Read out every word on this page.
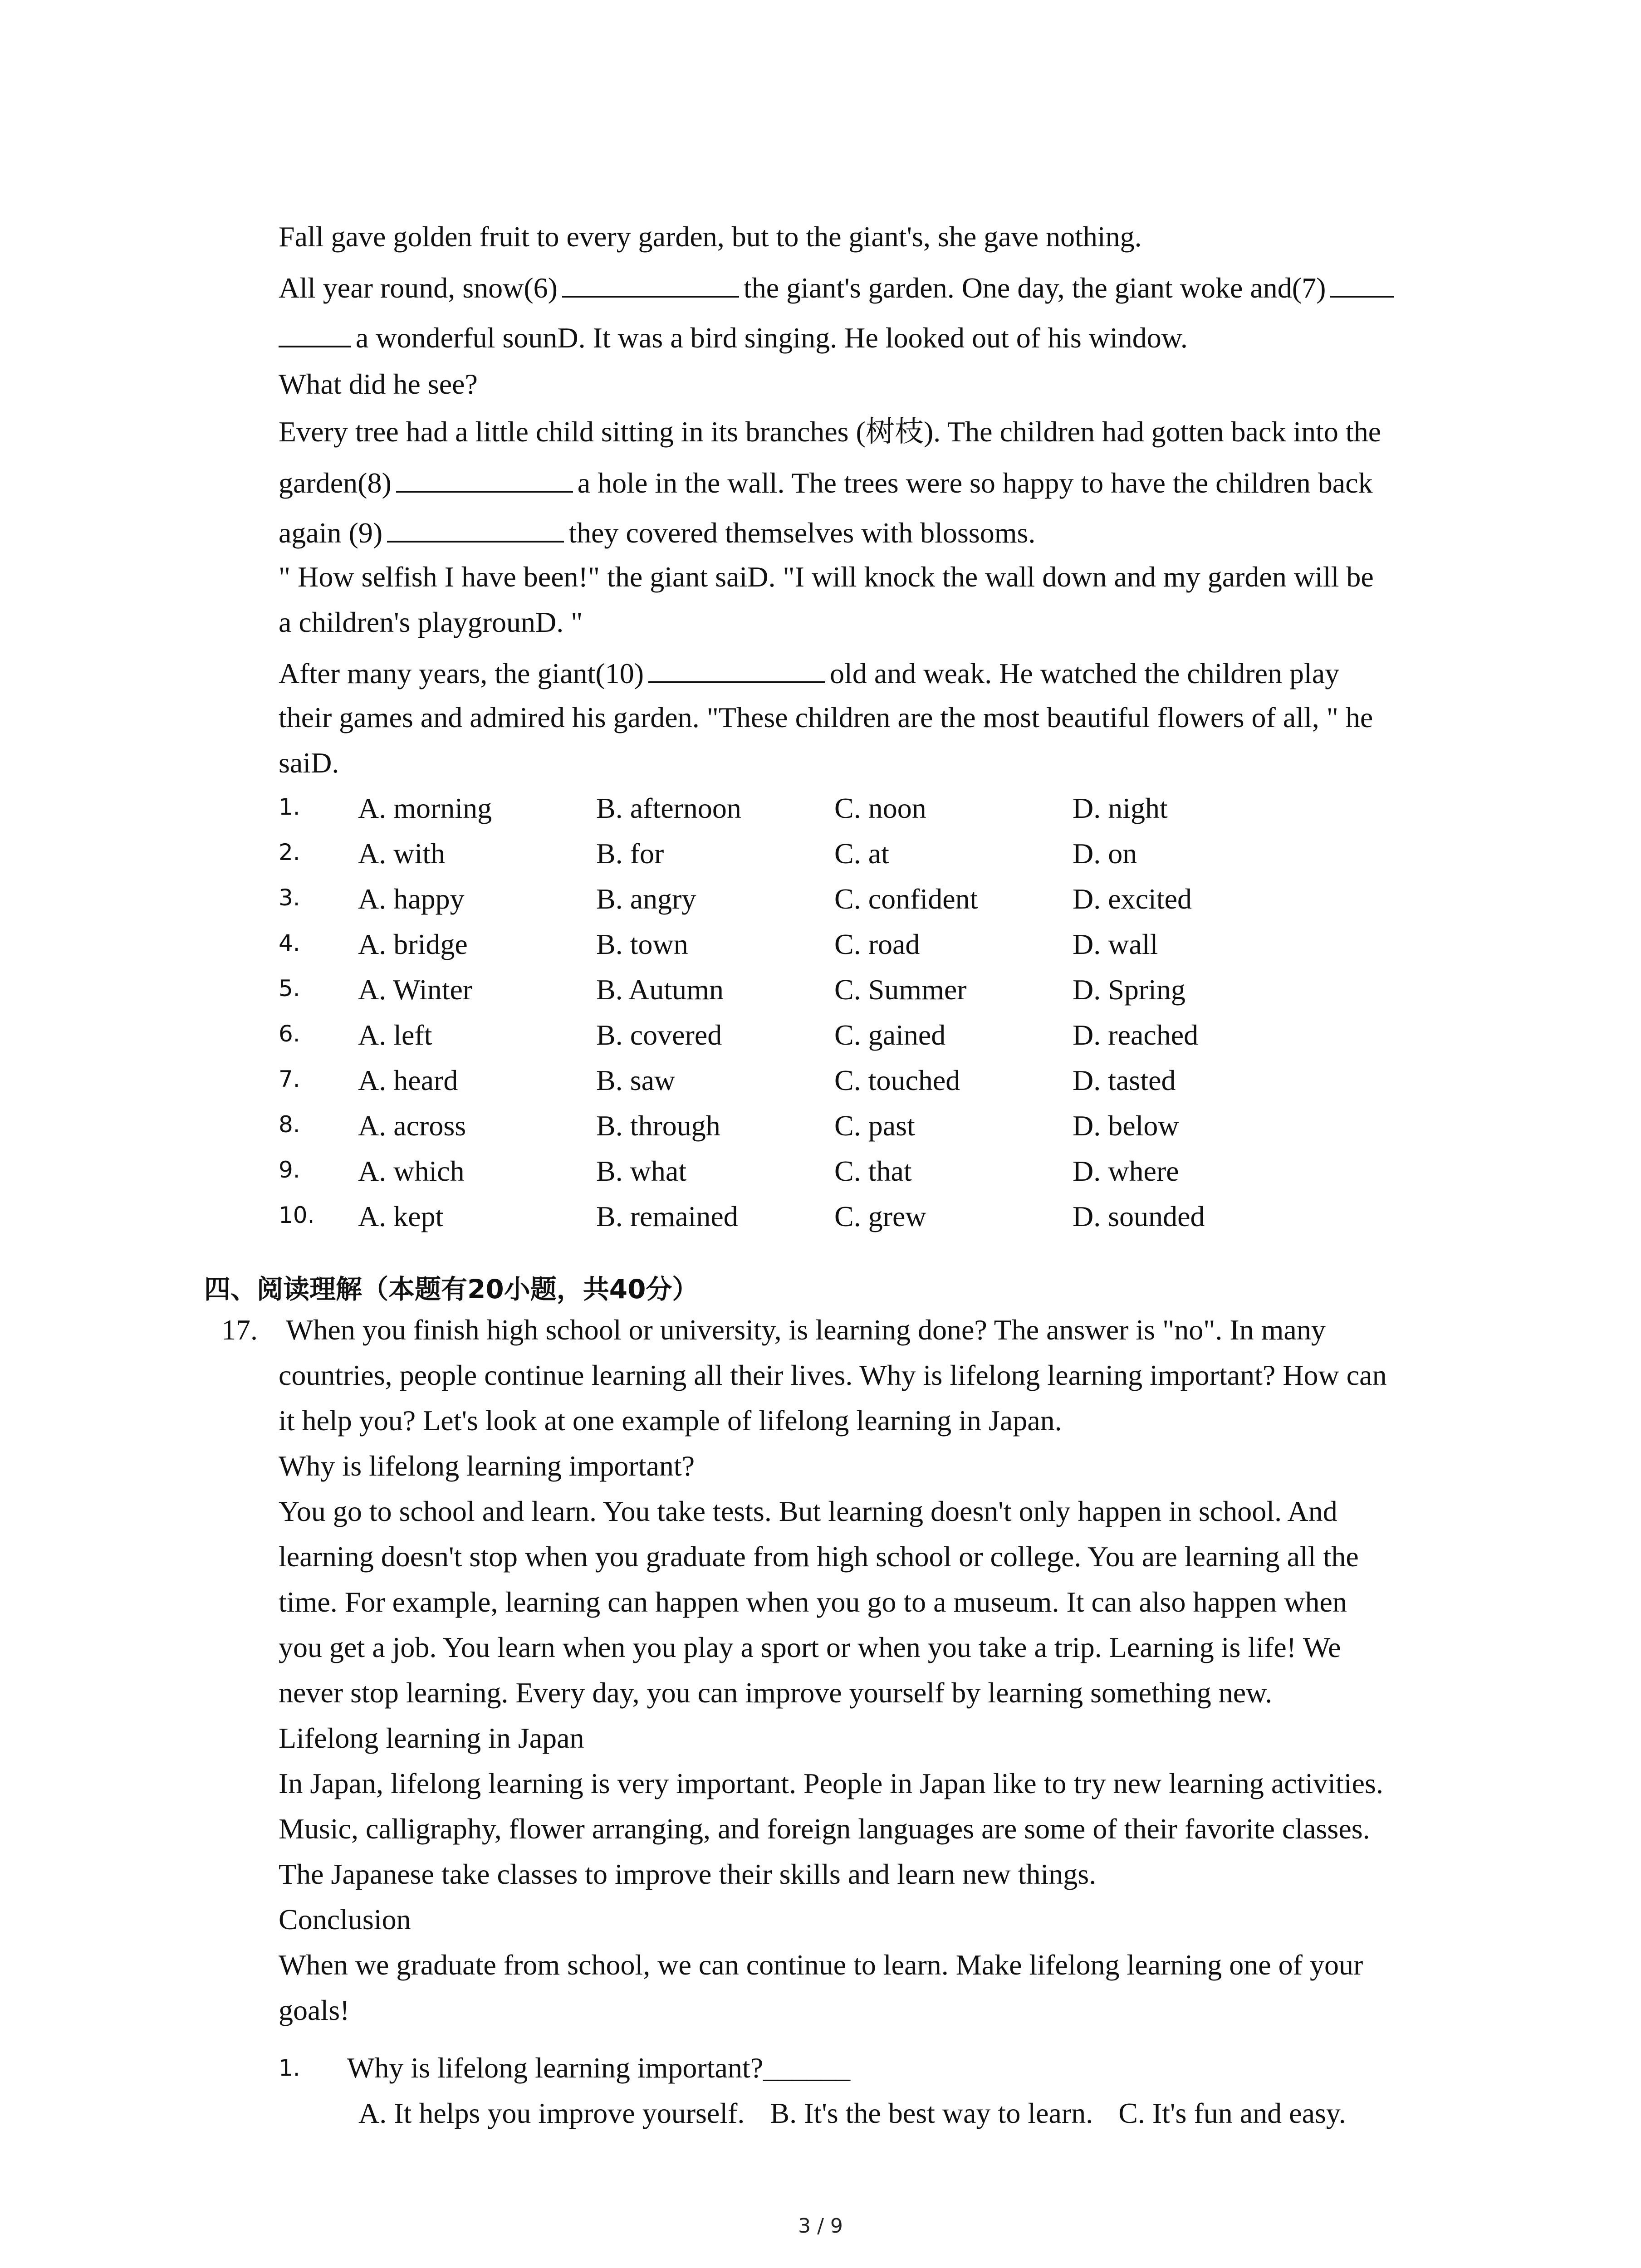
Fall gave golden fruit to every garden, but to the giant's, she gave nothing.

All year round, snow(6)	the giant's garden. One day, the giant woke and(7)

a wonderful sounD. It was a bird singing. He looked out of his window.

What did he see?

Every tree had a little child sitting in its branches (树枝). The children had gotten back into the

garden(8)	a hole in the wall. The trees were so happy to have the children back

again (9)	they covered themselves with blossoms.

" How selfish I have been!" the giant saiD. "I will knock the wall down and my garden will be

a children's playgrounD. "

After many years, the giant(10)	old and weak. He watched the children play

their games and admired his garden. "These children are the most beautiful flowers of all, " he

saiD.

1. A. morning	B. afternoon	C. noon	D. night
2. A. with	B. for	C. at	D. on
3. A. happy	B. angry	C. confident	D. excited
4. A. bridge	B. town	C. road	D. wall
5. A. Winter	B. Autumn	C. Summer	D. Spring
6. A. left	B. covered	C. gained	D. reached
7. A. heard	B. saw	C. touched	D. tasted
8. A. across	B. through	C. past	D. below
9. A. which	B. what	C. that	D. where
10. A. kept	B. remained	C. grew	D. sounded
四、阅读理解（本题有20小题，共40分）
17. When you finish high school or university, is learning done? The answer is "no". In many

countries, people continue learning all their lives. Why is lifelong learning important? How can

it help you? Let's look at one example of lifelong learning in Japan.

Why is lifelong learning important?

You go to school and learn. You take tests. But learning doesn't only happen in school. And

learning doesn't stop when you graduate from high school or college. You are learning all the

time. For example, learning can happen when you go to a museum. It can also happen when

you get a job. You learn when you play a sport or when you take a trip. Learning is life! We

never stop learning. Every day, you can improve yourself by learning something new.

Lifelong learning in Japan

In Japan, lifelong learning is very important. People in Japan like to try new learning activities.

Music, calligraphy, flower arranging, and foreign languages are some of their favorite classes.

The Japanese take classes to improve their skills and learn new things.

Conclusion

When we graduate from school, we can continue to learn. Make lifelong learning one of your

goals!

1. Why is lifelong learning important?______
A. It helps you improve yourself. B. It's the best way to learn. C. It's fun and easy.
3 / 9
